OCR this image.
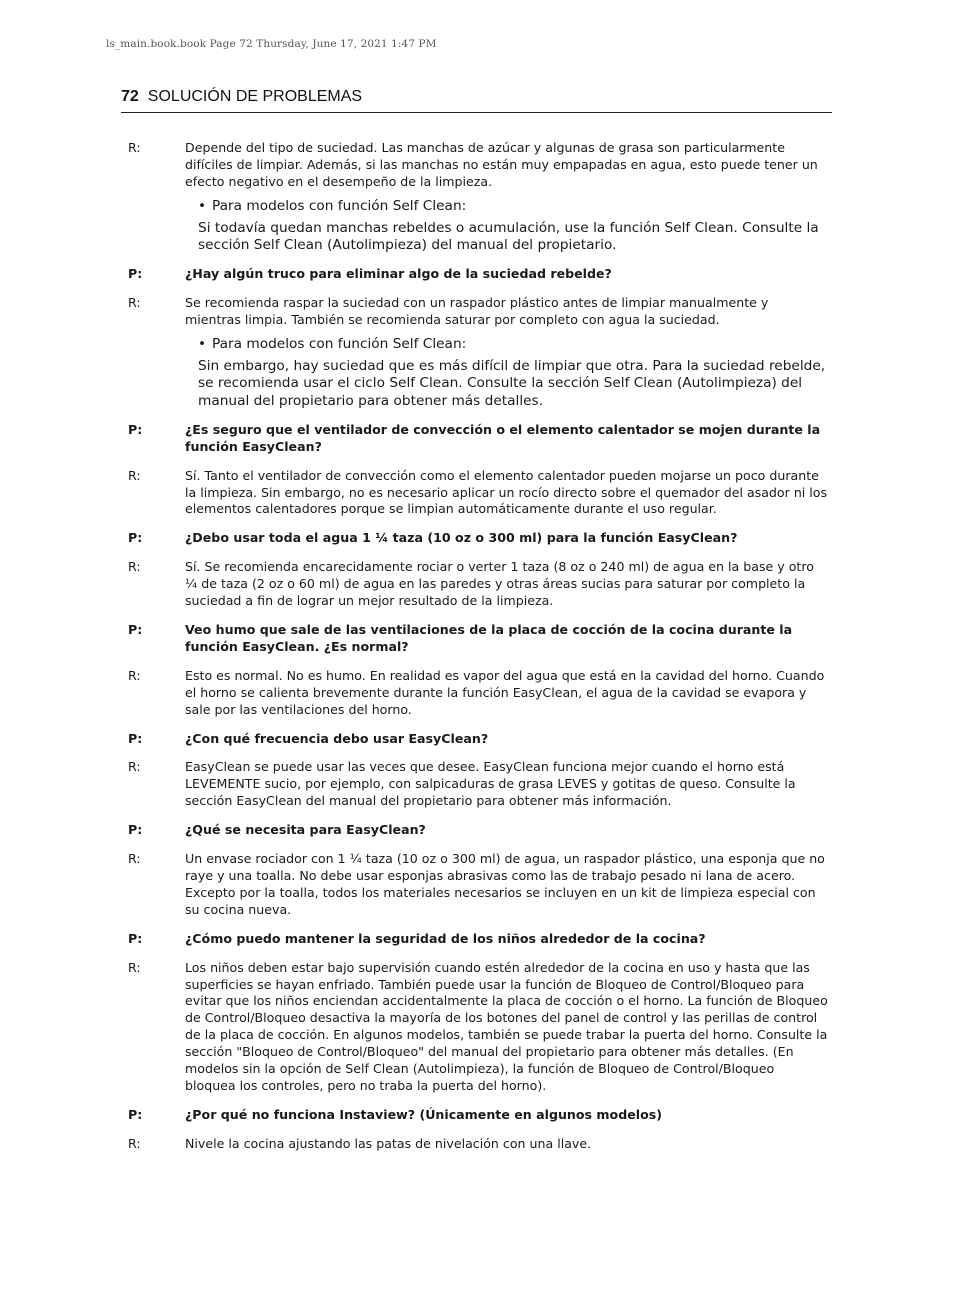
ls_main.book.book Page 72 Thursday, June 17, 2021 1:47 PM
72 SOLUCIÓN DE PROBLEMAS
R:	Depende del tipo de suciedad. Las manchas de azúcar y algunas de grasa son particularmente difíciles de limpiar. Además, si las manchas no están muy empapadas en agua, esto puede tener un efecto negativo en el desempeño de la limpieza.
• Para modelos con función Self Clean:
Si todavía quedan manchas rebeldes o acumulación, use la función Self Clean. Consulte la sección Self Clean (Autolimpieza) del manual del propietario.
P:	¿Hay algún truco para eliminar algo de la suciedad rebelde?
R:	Se recomienda raspar la suciedad con un raspador plástico antes de limpiar manualmente y mientras limpia. También se recomienda saturar por completo con agua la suciedad.
• Para modelos con función Self Clean:
Sin embargo, hay suciedad que es más difícil de limpiar que otra. Para la suciedad rebelde, se recomienda usar el ciclo Self Clean. Consulte la sección Self Clean (Autolimpieza) del manual del propietario para obtener más detalles.
P:	¿Es seguro que el ventilador de convección o el elemento calentador se mojen durante la función EasyClean?
R:	Sí. Tanto el ventilador de convección como el elemento calentador pueden mojarse un poco durante la limpieza. Sin embargo, no es necesario aplicar un rocío directo sobre el quemador del asador ni los elementos calentadores porque se limpian automáticamente durante el uso regular.
P:	¿Debo usar toda el agua 1 ¼ taza (10 oz o 300 ml) para la función EasyClean?
R:	Sí. Se recomienda encarecidamente rociar o verter 1 taza (8 oz o 240 ml) de agua en la base y otro ¼ de taza (2 oz o 60 ml) de agua en las paredes y otras áreas sucias para saturar por completo la suciedad a fin de lograr un mejor resultado de la limpieza.
P:	Veo humo que sale de las ventilaciones de la placa de cocción de la cocina durante la función EasyClean. ¿Es normal?
R:	Esto es normal. No es humo. En realidad es vapor del agua que está en la cavidad del horno. Cuando el horno se calienta brevemente durante la función EasyClean, el agua de la cavidad se evapora y sale por las ventilaciones del horno.
P:	¿Con qué frecuencia debo usar EasyClean?
R:	EasyClean se puede usar las veces que desee. EasyClean funciona mejor cuando el horno está LEVEMENTE sucio, por ejemplo, con salpicaduras de grasa LEVES y gotitas de queso. Consulte la sección EasyClean del manual del propietario para obtener más información.
P:	¿Qué se necesita para EasyClean?
R:	Un envase rociador con 1 ¼ taza (10 oz o 300 ml) de agua, un raspador plástico, una esponja que no raye y una toalla. No debe usar esponjas abrasivas como las de trabajo pesado ni lana de acero. Excepto por la toalla, todos los materiales necesarios se incluyen en un kit de limpieza especial con su cocina nueva.
P:	¿Cómo puedo mantener la seguridad de los niños alrededor de la cocina?
R:	Los niños deben estar bajo supervisión cuando estén alrededor de la cocina en uso y hasta que las superficies se hayan enfriado. También puede usar la función de Bloqueo de Control/Bloqueo para evitar que los niños enciendan accidentalmente la placa de cocción o el horno. La función de Bloqueo de Control/Bloqueo desactiva la mayoría de los botones del panel de control y las perillas de control de la placa de cocción. En algunos modelos, también se puede trabar la puerta del horno. Consulte la sección "Bloqueo de Control/Bloqueo" del manual del propietario para obtener más detalles. (En modelos sin la opción de Self Clean (Autolimpieza), la función de Bloqueo de Control/Bloqueo bloquea los controles, pero no traba la puerta del horno).
P:	¿Por qué no funciona Instaview? (Únicamente en algunos modelos)
R:	Nivele la cocina ajustando las patas de nivelación con una llave.
